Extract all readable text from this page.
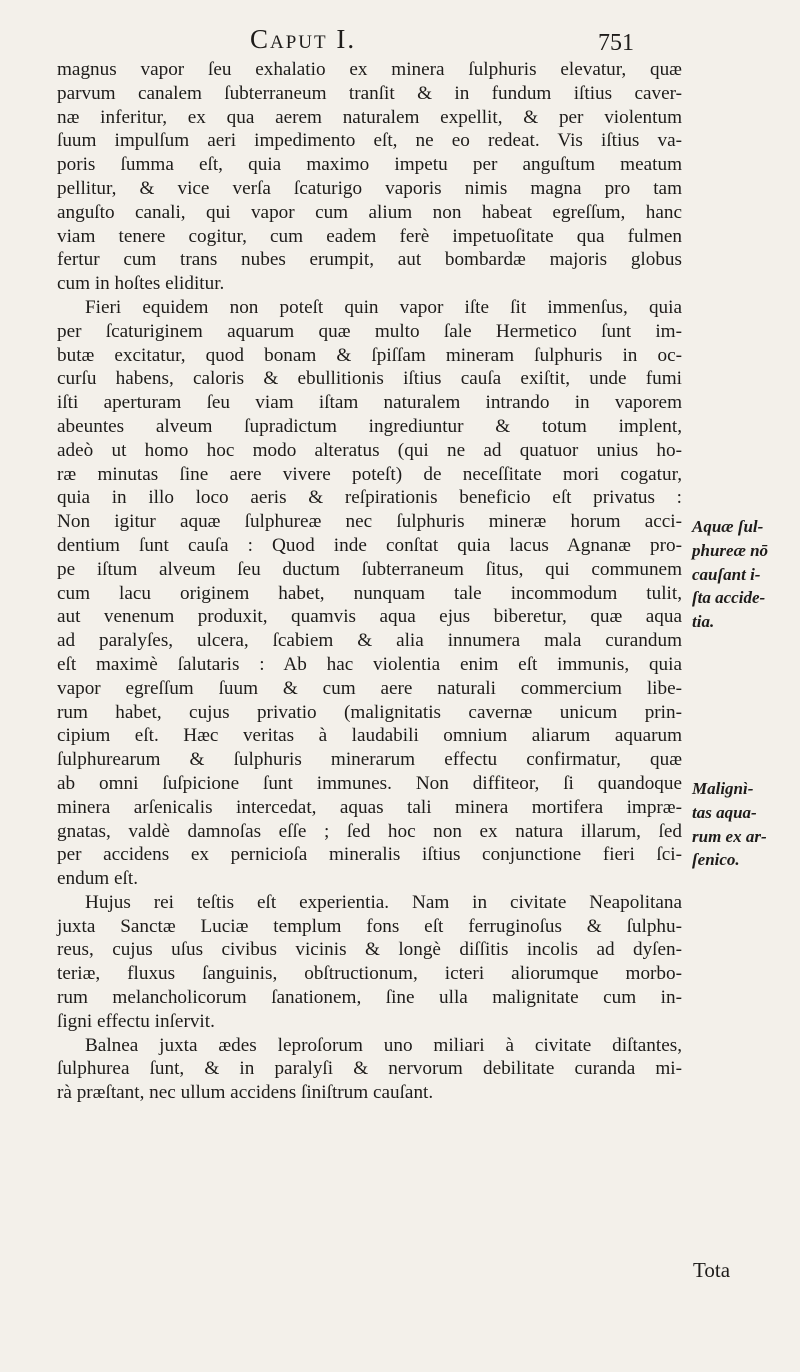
Caput I.	751
magnus vapor ſeu exhalatio ex minera ſulphuris elevatur, quæ
parvum canalem ſubterraneum tranſit & in fundum iſtius caver-
næ inferitur, ex qua aerem naturalem expellit, & per violentum
ſuum impulſum aeri impedimento eſt, ne eo redeat. Vis iſtius va-
poris ſumma eſt, quia maximo impetu per anguſtum meatum
pellitur, & vice verſa ſcaturigo vaporis nimis magna pro tam
anguſto canali, qui vapor cum alium non habeat egreſſum, hanc
viam tenere cogitur, cum eadem ferè impetuoſitate qua fulmen
fertur cum trans nubes erumpit, aut bombardæ majoris globus
cum in hoſtes eliditur.
Fieri equidem non poteſt quin vapor iſte ſit immenſus, quia
per ſcaturiginem aquarum quæ multo ſale Hermetico ſunt im-
butæ excitatur, quod bonam & ſpiſſam mineram ſulphuris in oc-
curſu habens, caloris & ebullitionis iſtius cauſa exiſtit, unde fumi
iſti aperturam ſeu viam iſtam naturalem intrando in vaporem
abeuntes alveum ſupradictum ingrediuntur & totum implent,
adeò ut homo hoc modo alteratus (qui ne ad quatuor unius ho-
ræ minutas ſine aere vivere poteſt) de neceſſitate mori cogatur,
quia in illo loco aeris & reſpirationis beneficio eſt privatus :
Non igitur aquæ ſulphureæ nec ſulphuris mineræ horum acci-
dentium ſunt cauſa : Quod inde conſtat quia lacus Agnanæ pro-
pe iſtum alveum ſeu ductum ſubterraneum ſitus, qui communem
cum lacu originem habet, nunquam tale incommodum tulit,
aut venenum produxit, quamvis aqua ejus biberetur, quæ aqua
ad paralyſes, ulcera, ſcabiem & alia innumera mala curandum
eſt maximè ſalutaris : Ab hac violentia enim eſt immunis, quia
vapor egreſſum ſuum & cum aere naturali commercium libe-
rum habet, cujus privatio (malignitatis cavernæ unicum prin-
cipium eſt. Hæc veritas à laudabili omnium aliarum aquarum
ſulphurearum & ſulphuris minerarum effectu confirmatur, quæ
ab omni ſuſpicione ſunt immunes. Non diffiteor, ſi quandoque
minera arſenicalis intercedat, aquas tali minera mortifera impræ-
gnatas, valdè damnoſas eſſe ; ſed hoc non ex natura illarum, ſed
per accidens ex pernicioſa mineralis iſtius conjunctione fieri ſci-
endum eſt.
Hujus rei teſtis eſt experientia. Nam in civitate Neapolitana
juxta Sanctæ Luciæ templum fons eſt ferruginoſus & ſulphu-
reus, cujus uſus civibus vicinis & longè diſſitis incolis ad dyſen-
teriæ, fluxus ſanguinis, obſtructionum, icteri aliorumque morbo-
rum melancholicorum ſanationem, ſine ulla malignitate cum in-
ſigni effectu inſervit.
Balnea juxta ædes leproſorum uno miliari à civitate diſtantes,
ſulphurea ſunt, & in paralyſi & nervorum debilitate curanda mi-
rà præſtant, nec ullum accidens ſiniſtrum cauſant.
Aquæ ſul-
phureæ nō
cauſant i-
ſta accide-
tia.
Malignì-
tas aqua-
rum ex ar-
ſenico.
Tota
